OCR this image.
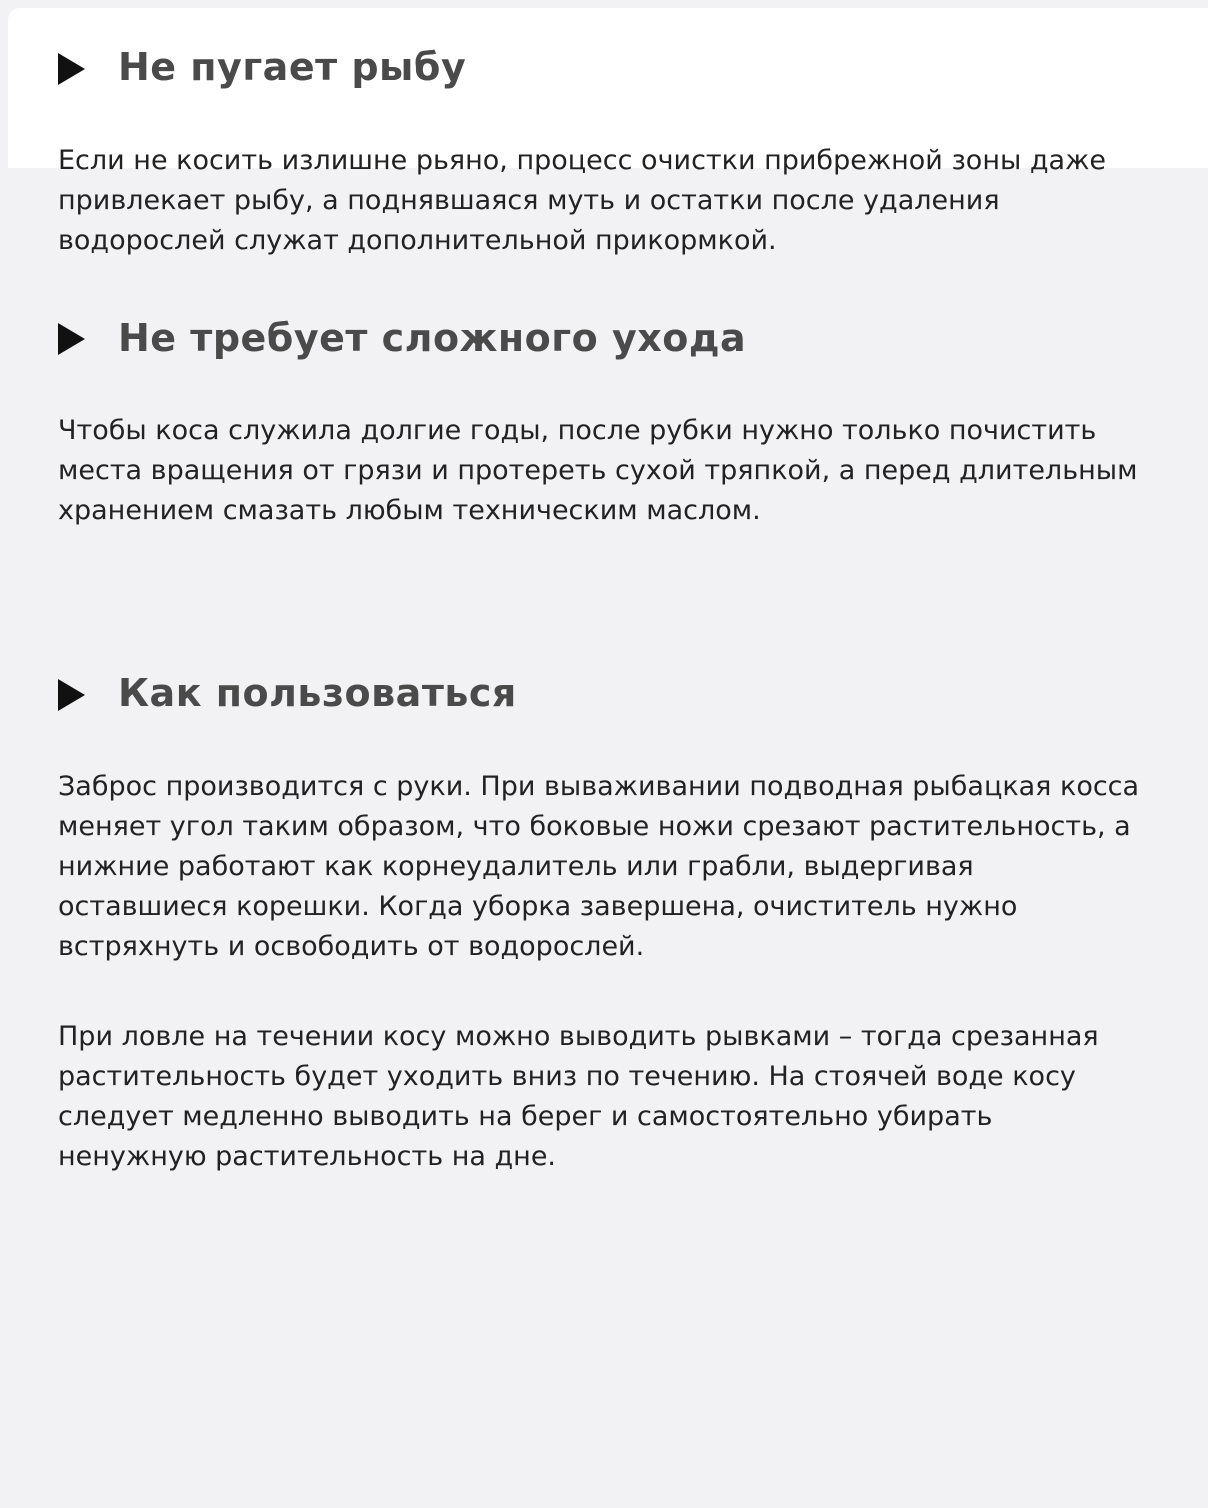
Не пугает рыбу

Если не косить излишне рьяно, процесс очистки прибрежной зоны даже привлекает рыбу, а поднявшаяся муть и остатки после удаления водорослей служат дополнительной прикормкой.

Не требует сложного ухода

Чтобы коса служила долгие годы, после рубки нужно только почистить места вращения от грязи и протереть сухой тряпкой, а перед длительным хранением смазать любым техническим маслом.

Как пользоваться

Заброс производится с руки. При вываживании подводная рыбацкая косса меняет угол таким образом, что боковые ножи срезают растительность, а нижние работают как корнеудалитель или грабли, выдергивая оставшиеся корешки. Когда уборка завершена, очиститель нужно встряхнуть и освободить от водорослей.

При ловле на течении косу можно выводить рывками – тогда срезанная растительность будет уходить вниз по течению. На стоячей воде косу следует медленно выводить на берег и самостоятельно убирать ненужную растительность на дне.
